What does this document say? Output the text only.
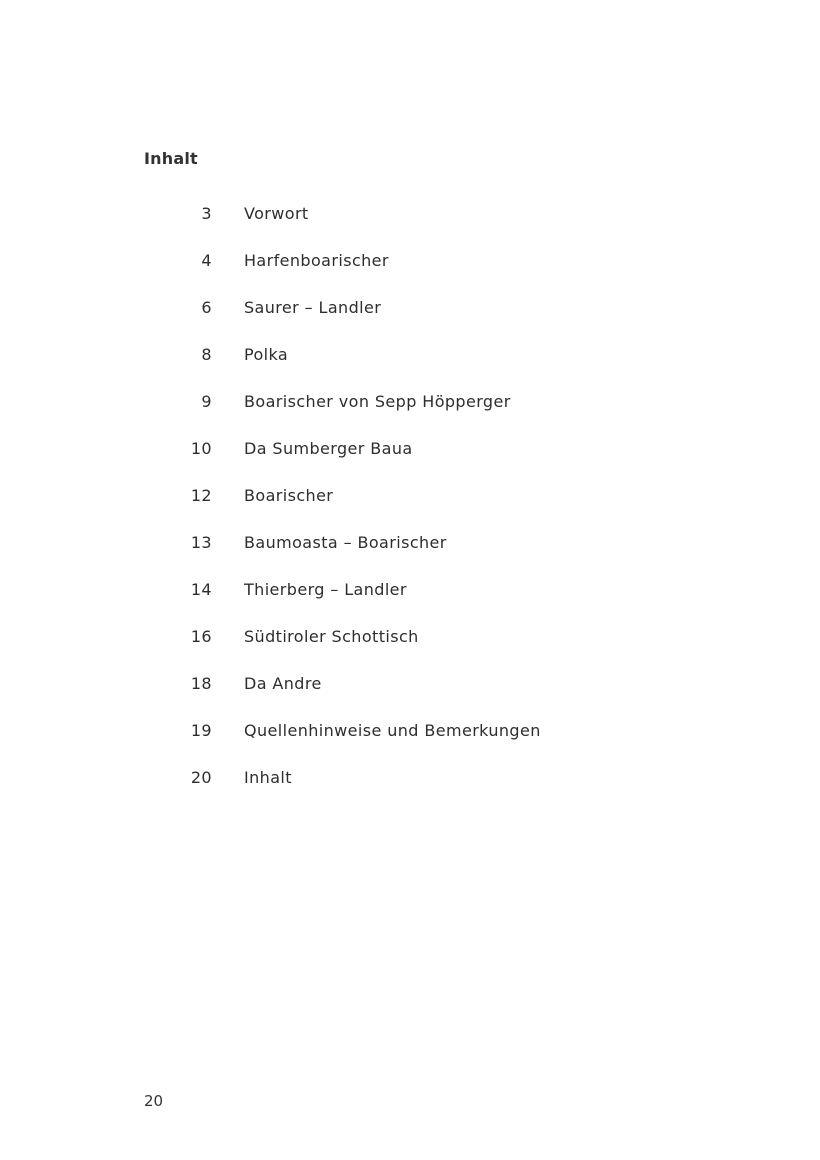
Inhalt
3 Vorwort
4 Harfenboarischer
6 Saurer – Landler
8 Polka
9 Boarischer von Sepp Höpperger
10 Da Sumberger Baua
12 Boarischer
13 Baumoasta – Boarischer
14 Thierberg – Landler
16 Südtiroler Schottisch
18 Da Andre
19 Quellenhinweise und Bemerkungen
20 Inhalt
20
